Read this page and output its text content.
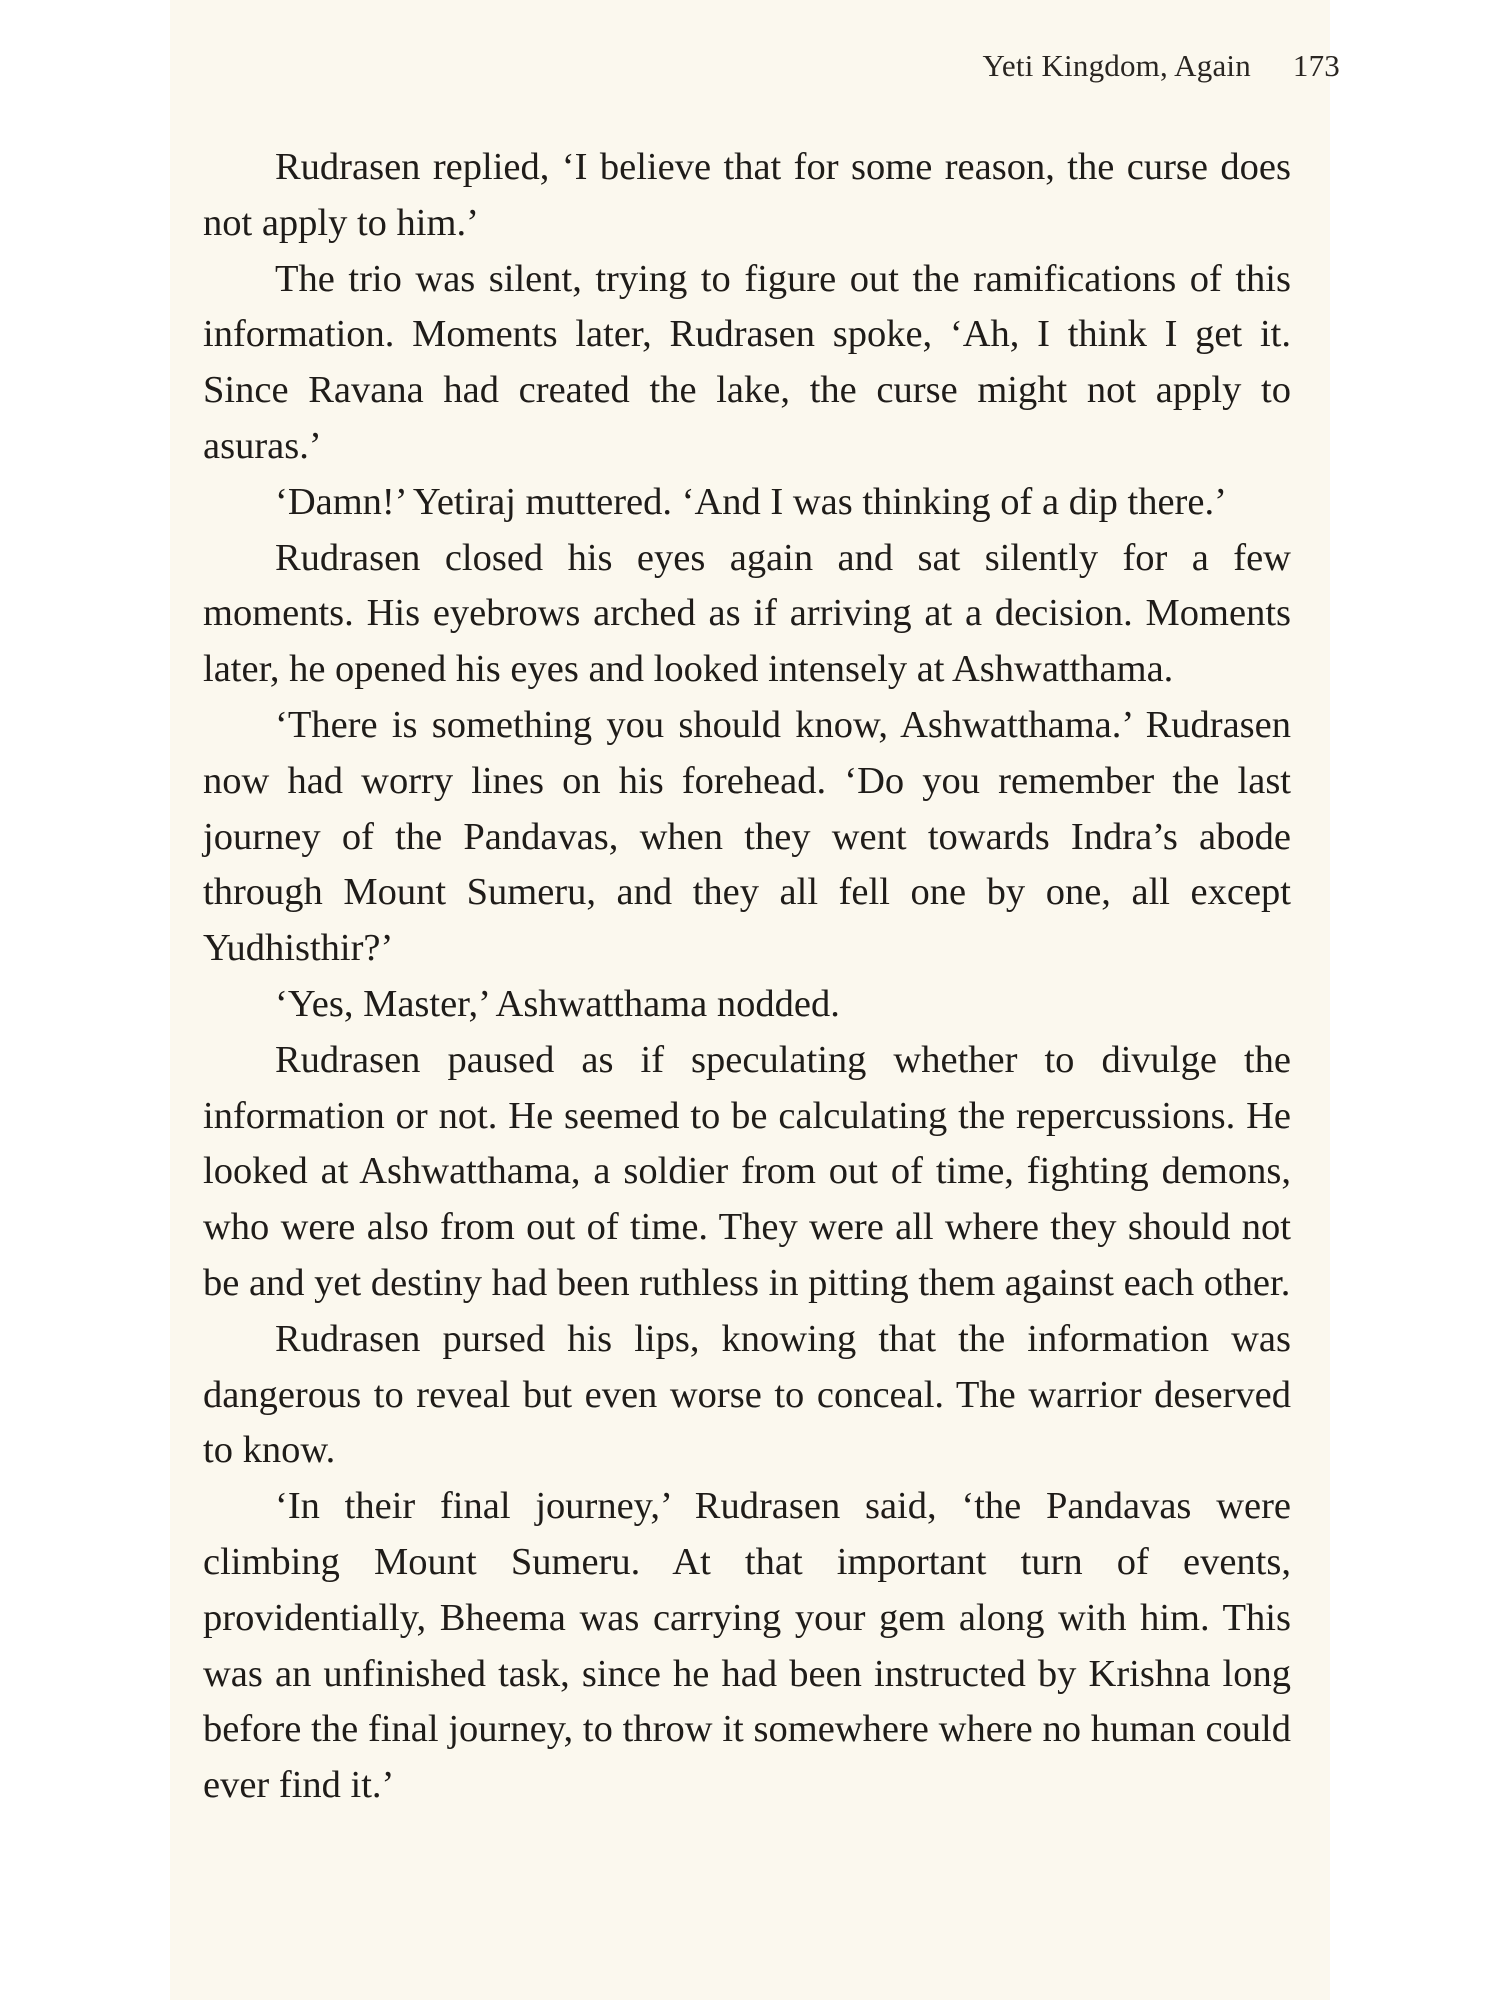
Yeti Kingdom, Again 173

Rudrasen replied, ‘I believe that for some reason, the curse does not apply to him.’

The trio was silent, trying to figure out the ramifications of this information. Moments later, Rudrasen spoke, ‘Ah, I think I get it. Since Ravana had created the lake, the curse might not apply to asuras.’

‘Damn!’ Yetiraj muttered. ‘And I was thinking of a dip there.’

Rudrasen closed his eyes again and sat silently for a few moments. His eyebrows arched as if arriving at a decision. Moments later, he opened his eyes and looked intensely at Ashwatthama.

‘There is something you should know, Ashwatthama.’ Rudrasen now had worry lines on his forehead. ‘Do you remember the last journey of the Pandavas, when they went towards Indra’s abode through Mount Sumeru, and they all fell one by one, all except Yudhisthir?’

‘Yes, Master,’ Ashwatthama nodded.

Rudrasen paused as if speculating whether to divulge the information or not. He seemed to be calculating the repercussions. He looked at Ashwatthama, a soldier from out of time, fighting demons, who were also from out of time. They were all where they should not be and yet destiny had been ruthless in pitting them against each other.

Rudrasen pursed his lips, knowing that the information was dangerous to reveal but even worse to conceal. The warrior deserved to know.

‘In their final journey,’ Rudrasen said, ‘the Pandavas were climbing Mount Sumeru. At that important turn of events, providentially, Bheema was carrying your gem along with him. This was an unfinished task, since he had been instructed by Krishna long before the final journey, to throw it somewhere where no human could ever find it.’
